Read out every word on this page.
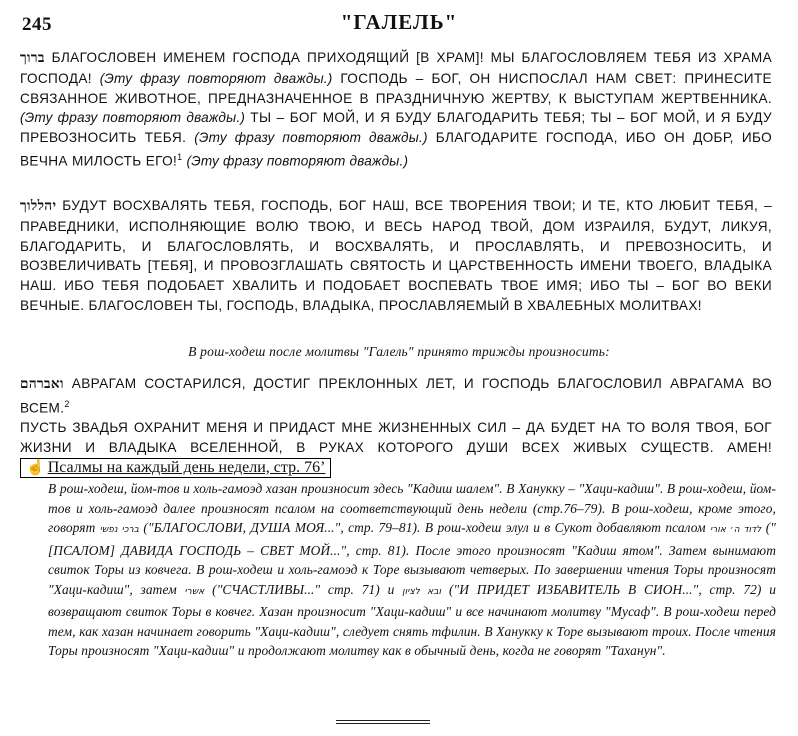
245	"ГАЛЕЛЬ"
ברוך БЛАГОСЛОВЕН ИМЕНЕМ ГОСПОДА ПРИХОДЯЩИЙ [В ХРАМ]! МЫ БЛАГОСЛОВЛЯЕМ ТЕБЯ ИЗ ХРАМА ГОСПОДА! (Эту фразу повторяют дважды.) ГОСПОДЬ – БОГ, ОН НИСПОСЛАЛ НАМ СВЕТ: ПРИНЕСИТЕ СВЯЗАННОЕ ЖИВОТНОЕ, ПРЕДНАЗНАЧЕННОЕ В ПРАЗДНИЧНУЮ ЖЕРТВУ, К ВЫСТУПАМ ЖЕРТВЕННИКА. (Эту фразу повторяют дважды.) ТЫ – БОГ МОЙ, И Я БУДУ БЛАГОДАРИТЬ ТЕБЯ; ТЫ – БОГ МОЙ, И Я БУДУ ПРЕВОЗНОСИТЬ ТЕБЯ. (Эту фразу повторяют дважды.) БЛАГОДАРИТЕ ГОСПОДА, ИБО ОН ДОБР, ИБО ВЕЧНА МИЛОСТЬ ЕГО!$^1$ (Эту фразу повторяют дважды.)
יהללוך БУДУТ ВОСХВАЛЯТЬ ТЕБЯ, ГОСПОДЬ, БОГ НАШ, ВСЕ ТВОРЕНИЯ ТВОИ; И ТЕ, КТО ЛЮБИТ ТЕБЯ, – ПРАВЕДНИКИ, ИСПОЛНЯЮЩИЕ ВОЛЮ ТВОЮ, И ВЕСЬ НАРОД ТВОЙ, ДОМ ИЗРАИЛЯ, БУДУТ, ЛИКУЯ, БЛАГОДАРИТЬ, И БЛАГОСЛОВЛЯТЬ, И ВОСХВАЛЯТЬ, И ПРОСЛАВЛЯТЬ, И ПРЕВОЗНОСИТЬ, И ВОЗВЕЛИЧИВАТЬ [ТЕБЯ], И ПРОВОЗГЛАШАТЬ СВЯТОСТЬ И ЦАРСТВЕННОСТЬ ИМЕНИ ТВОЕГО, ВЛАДЫКА НАШ. ИБО ТЕБЯ ПОДОБАЕТ ХВАЛИТЬ И ПОДОБАЕТ ВОСПЕВАТЬ ТВОЕ ИМЯ; ИБО ТЫ – БОГ ВО ВЕКИ ВЕЧНЫЕ. БЛАГОСЛОВЕН ТЫ, ГОСПОДЬ, ВЛАДЫКА, ПРОСЛАВЛЯЕМЫЙ В ХВАЛЕБНЫХ МОЛИТВАХ!
В рош-ходеш после молитвы "Галель" принято трижды произносить:
ואברהם АВРАГАМ СОСТАРИЛСЯ, ДОСТИГ ПРЕКЛОННЫХ ЛЕТ, И ГОСПОДЬ БЛАГОСЛОВИЛ АВРАГАМА ВО ВСЕМ.$^2$
ПУСТЬ ЗВАДЬЯ ОХРАНИТ МЕНЯ И ПРИДАСТ МНЕ ЖИЗНЕННЫХ СИЛ – ДА БУДЕТ НА ТО ВОЛЯ ТВОЯ, БОГ ЖИЗНИ И ВЛАДЫКА ВСЕЛЕННОЙ, В РУКАХ КОТОРОГО ДУШИ ВСЕХ ЖИВЫХ СУЩЕСТВ. АМЕН! ☝ Псалмы на каждый день недели, стр. 76’
В рош-ходеш, йом-тов и холь-гамоэд хазан произносит здесь "Кадиш шалем". В Ханукку – "Хаци-кадиш". В рош-ходеш, йом-тов и холь-гамоэд далее произносят псалом на соответствующий день недели (стр.76–79). В рош-ходеш, кроме этого, говорят ברכי נפשי ("БЛАГОСЛОВИ, ДУША МОЯ...", стр. 79–81). В рош-ходеш элул и в Сукот добавляют псалом לדוד ה׳ אורי ("[ПСАЛОМ] ДАВИДА ГОСПОДЬ – СВЕТ МОЙ...", стр. 81). После этого произносят "Кадиш ятом". Затем вынимают свиток Торы из ковчега. В рош-ходеш и холь-гамоэд к Торе вызывают четверых. По завершении чтения Торы произносят "Хаци-кадиш", затем אשרי ("СЧАСТЛИВЫ..." стр. 71) и ובא לציון ("И ПРИДЕТ ИЗБАВИТЕЛЬ В СИОН...", стр. 72) и возвращают свиток Торы в ковчег. Хазан произносит "Хаци-кадиш" и все начинают молитву "Мусаф". В рош-ходеш перед тем, как хазан начинает говорить "Хаци-кадиш", следует снять тфилин. В Ханукку к Торе вызывают троих. После чтения Торы произносят "Хаци-кадиш" и продолжают молитву как в обычный день, когда не говорят "Таханун".
